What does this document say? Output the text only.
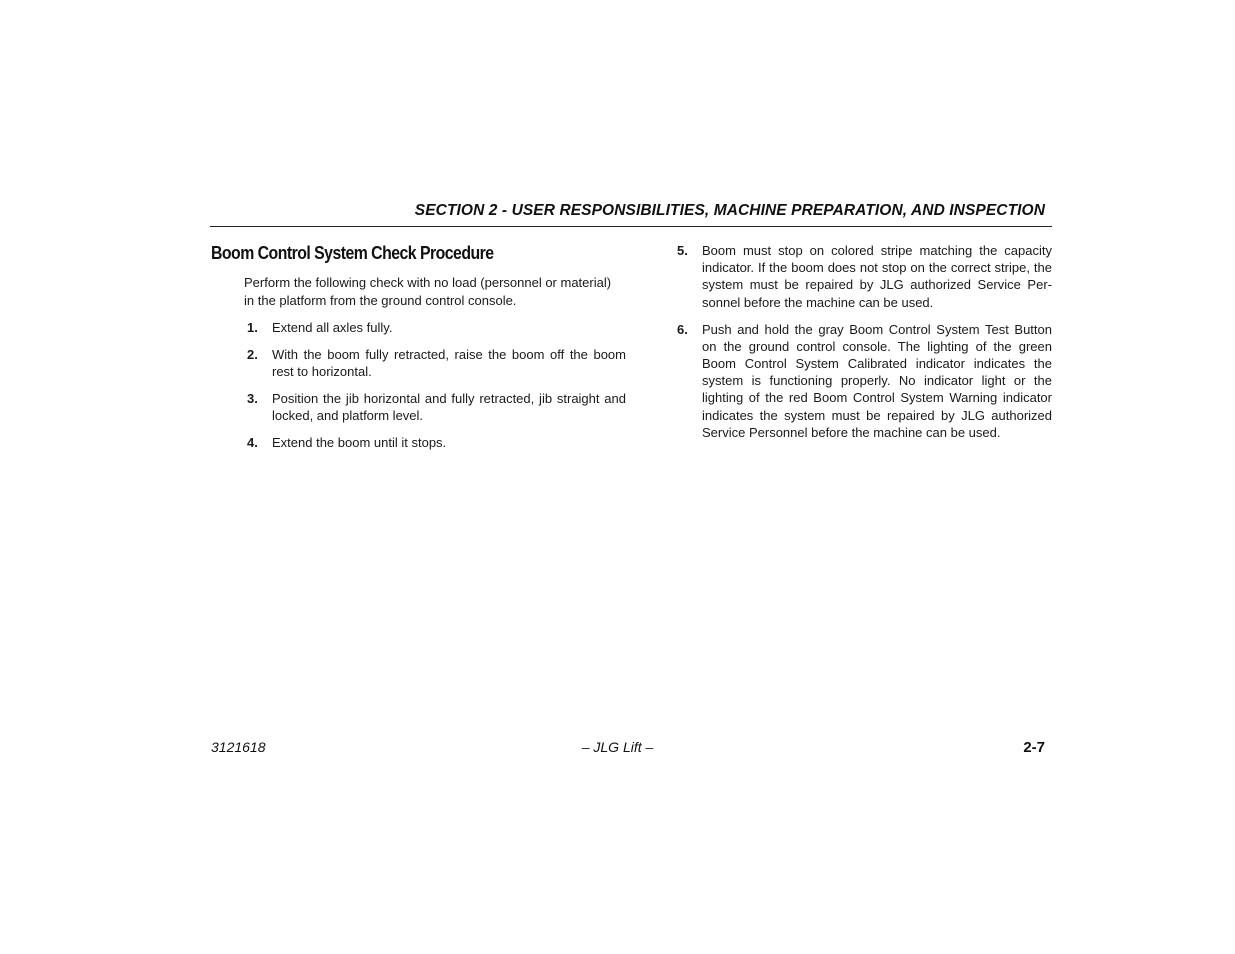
SECTION 2 - USER RESPONSIBILITIES, MACHINE PREPARATION, AND INSPECTION
Boom Control System Check Procedure

Perform the following check with no load (personnel or material) in the platform from the ground control console.

1.	Extend all axles fully.
2.	With the boom fully retracted, raise the boom off the boom rest to horizontal.
3.	Position the jib horizontal and fully retracted, jib straight and locked, and platform level.
4.	Extend the boom until it stops.
5.	Boom must stop on colored stripe matching the capacity indicator. If the boom does not stop on the correct stripe, the system must be repaired by JLG authorized Service Personnel before the machine can be used.
6.	Push and hold the gray Boom Control System Test Button on the ground control console. The lighting of the green Boom Control System Calibrated indicator indicates the system is functioning properly. No indicator light or the lighting of the red Boom Control System Warning indicator indicates the system must be repaired by JLG authorized Service Personnel before the machine can be used.
3121618	– JLG Lift –	2-7
